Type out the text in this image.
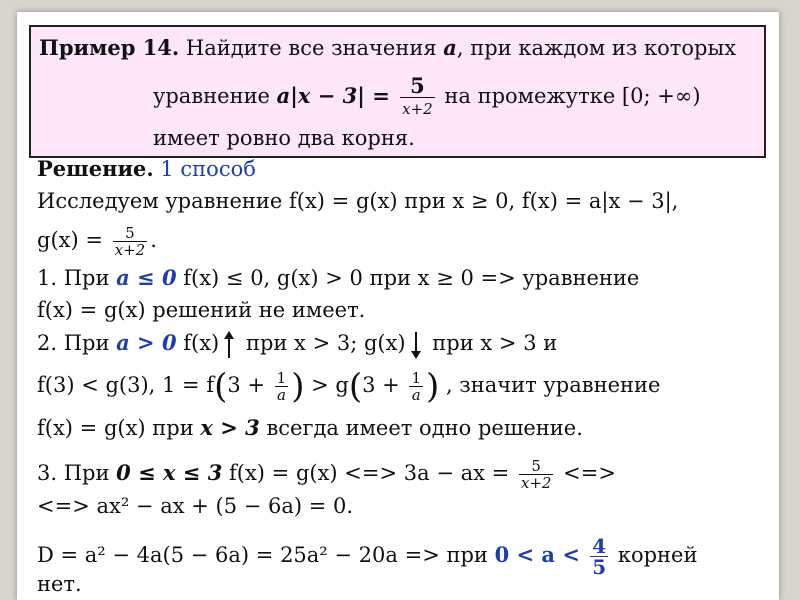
Пример 14. Найдите все значения a, при каждом из которых
уравнение $a|x - 3| = \frac{5}{x+2}$ на промежутке [0; +∞)
имеет ровно два корня.
Решение. 1 способ
Исследуем уравнение f(x) = g(x) при x ≥ 0, f(x) = a|x − 3|,
$g(x) = \frac{5}{x+2}$ .
1. При a ≤ 0 f(x) ≤ 0, g(x) > 0 при x ≥ 0 => уравнение
f(x) = g(x) решений не имеет.
2. При a > 0 f(x) при x > 3; g(x) при x > 3 и
f(3) < g(3), $1 = f(3 + \frac{1}{a}$ ) > $g(3 + \frac{1}{a}$ ) , значит уравнение
f(x) = g(x) при x > 3 всегда имеет одно решение.
3. При 0 ≤ x ≤ 3 f(x) = g(x) <=> 3a − ax = $\frac{5}{x+2}$ <=>
<=> ax² − ax + (5 − 6a) = 0.
D = a² − 4a(5 − 6a) = 25a² − 20a => при $0 < a < \frac{4}{5}$ корней
нет.
